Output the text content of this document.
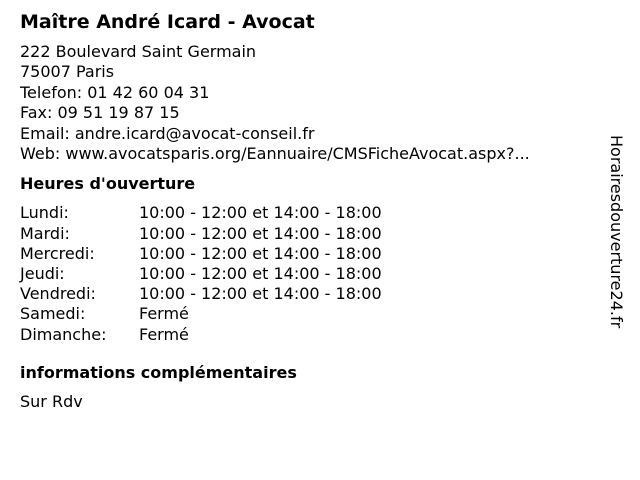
Maître André Icard - Avocat
222 Boulevard Saint Germain
75007 Paris
Telefon: 01 42 60 04 31
Fax: 09 51 19 87 15
Email: andre.icard@avocat-conseil.fr
Web: www.avocatsparis.org/Eannuaire/CMSFicheAvocat.aspx?...
Heures d'ouverture
Lundi:	10:00 - 12:00 et 14:00 - 18:00
Mardi:	10:00 - 12:00 et 14:00 - 18:00
Mercredi:	10:00 - 12:00 et 14:00 - 18:00
Jeudi:	10:00 - 12:00 et 14:00 - 18:00
Vendredi:	10:00 - 12:00 et 14:00 - 18:00
Samedi:	Fermé
Dimanche: Fermé
informations complémentaires
Sur Rdv
Horairesdouverture24.fr
